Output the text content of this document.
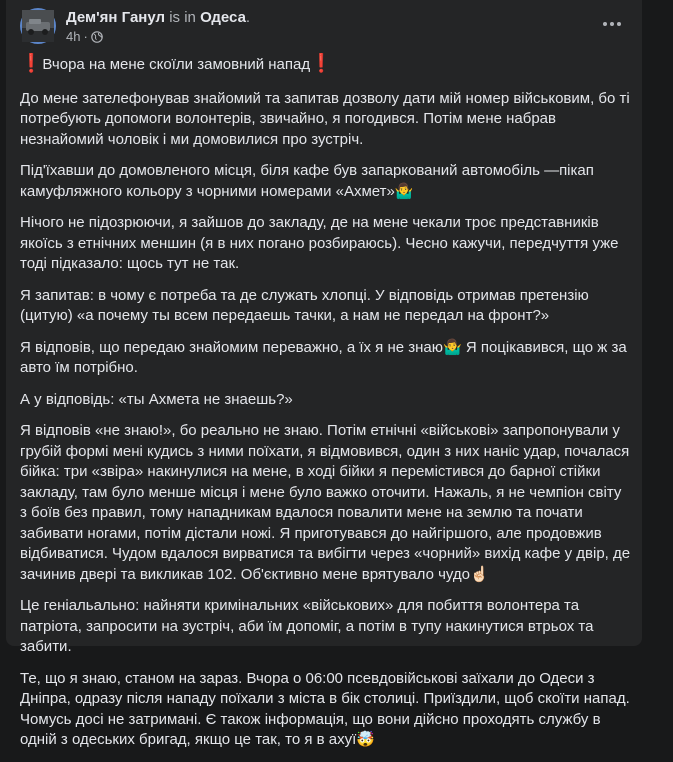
Дем'ян Ганул is in Одеса.
4h ·

❗Вчора на мене скоїли замовний напад❗

До мене зателефонував знайомий та запитав дозволу дати мій номер військовим, бо ті потребують допомоги волонтерів, звичайно, я погодився. Потім мене набрав незнайомий чоловік і ми домовилися про зустріч.

Під'їхавши до домовленого місця, біля кафе був запаркований автомобіль —пікап камуфляжного кольору з чорними номерами «Ахмет»🤷‍♂️

Нічого не підозрюючи, я зайшов до закладу, де на мене чекали троє представників якоїсь з етнічних меншин (я в них погано розбираюсь). Чесно кажучи, передчуття уже тоді підказало: щось тут не так.

Я запитав: в чому є потреба та де служать хлопці. У відповідь отримав претензію (цитую) «а почему ты всем передаешь тачки, а нам не передал на фронт?»

Я відповів, що передаю знайомим переважно, а їх я не знаю🤷‍♂️ Я поцікавився, що ж за авто їм потрібно.

А у відповідь: «ты Ахмета не знаешь?»

Я відповів «не знаю!», бо реально не знаю. Потім етнічні «військові» запропонували у грубій формі мені кудись з ними поїхати, я відмовився, один з них наніс удар, почалася бійка: три «звіра» накинулися на мене, в ході бійки я перемістився до барної стійки закладу, там було менше місця і мене було важко оточити. Нажаль, я не чемпіон світу з боїв без правил, тому нападникам вдалося повалити мене на землю та почати забивати ногами, потім дістали ножі. Я приготувався до найгіршого, але продовжив відбиватися. Чудом вдалося вирватися та вибігти через «чорний» вихід кафе у двір, де зачинив двері та викликав 102. Об'єктивно мене врятувало чудо☝🏻

Це геніальально: найняти кримінальних «військових» для побиття волонтера та патріота, запросити на зустріч, аби їм допоміг, а потім в тупу накинутися втрьох та забити.

Те, що я знаю, станом на зараз. Вчора о 06:00 псевдовійськові заїхали до Одеси з Дніпра, одразу після нападу поїхали з міста в бік столиці. Приїздили, щоб скоїти напад. Чомусь досі не затримані. Є також інформація, що вони дійсно проходять службу в одній з одеських бригад, якщо це так, то я в ахуї🤯
